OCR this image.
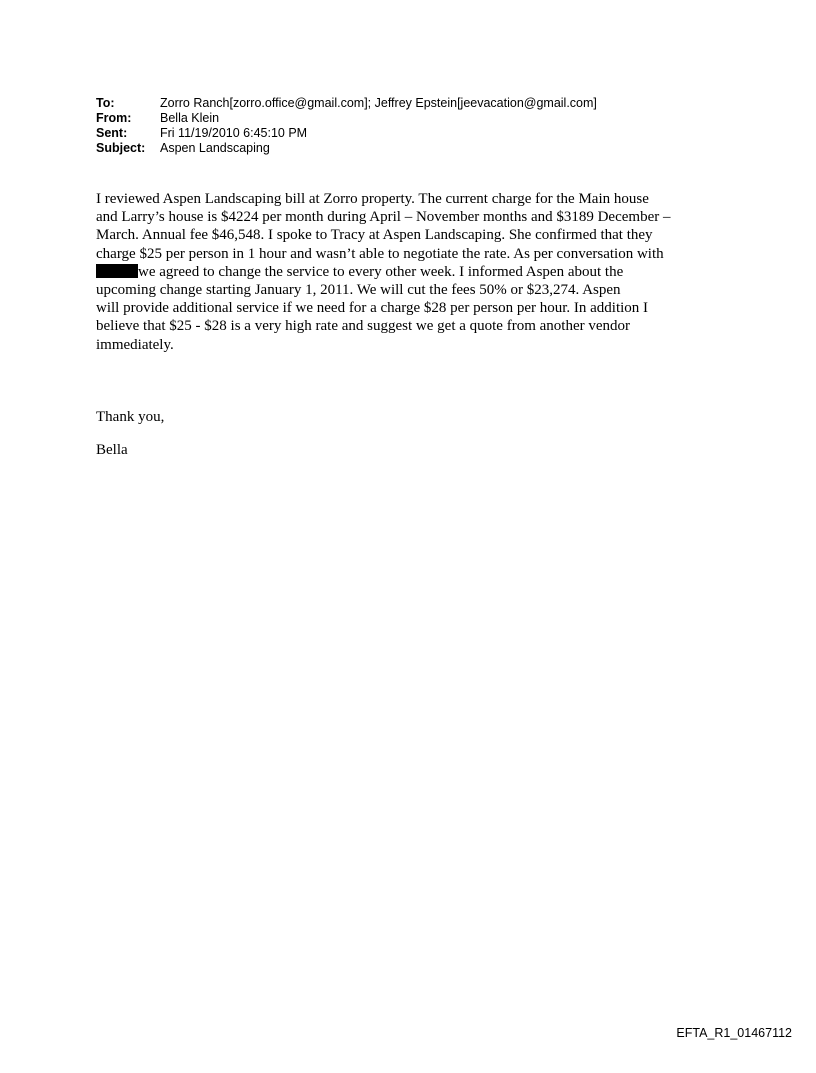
To:	Zorro Ranch[zorro.office@gmail.com]; Jeffrey Epstein[jeevacation@gmail.com]
From:	Bella Klein
Sent:	Fri 11/19/2010 6:45:10 PM
Subject:	Aspen Landscaping
I reviewed Aspen Landscaping bill at Zorro property. The current charge for the Main house
and Larry’s house is $4224 per month during April – November months and $3189 December –
March. Annual fee $46,548. I spoke to Tracy at Aspen Landscaping. She confirmed that they
charge $25 per person in 1 hour and wasn’t able to negotiate the rate. As per conversation with
we agreed to change the service to every other week. I informed Aspen about the
upcoming change starting January 1, 2011. We will cut the fees 50% or $23,274. Aspen
will provide additional service if we need for a charge $28 per person per hour. In addition I
believe that $25 - $28 is a very high rate and suggest we get a quote from another vendor
immediately.
Thank you,
Bella
EFTA_R1_01467112
